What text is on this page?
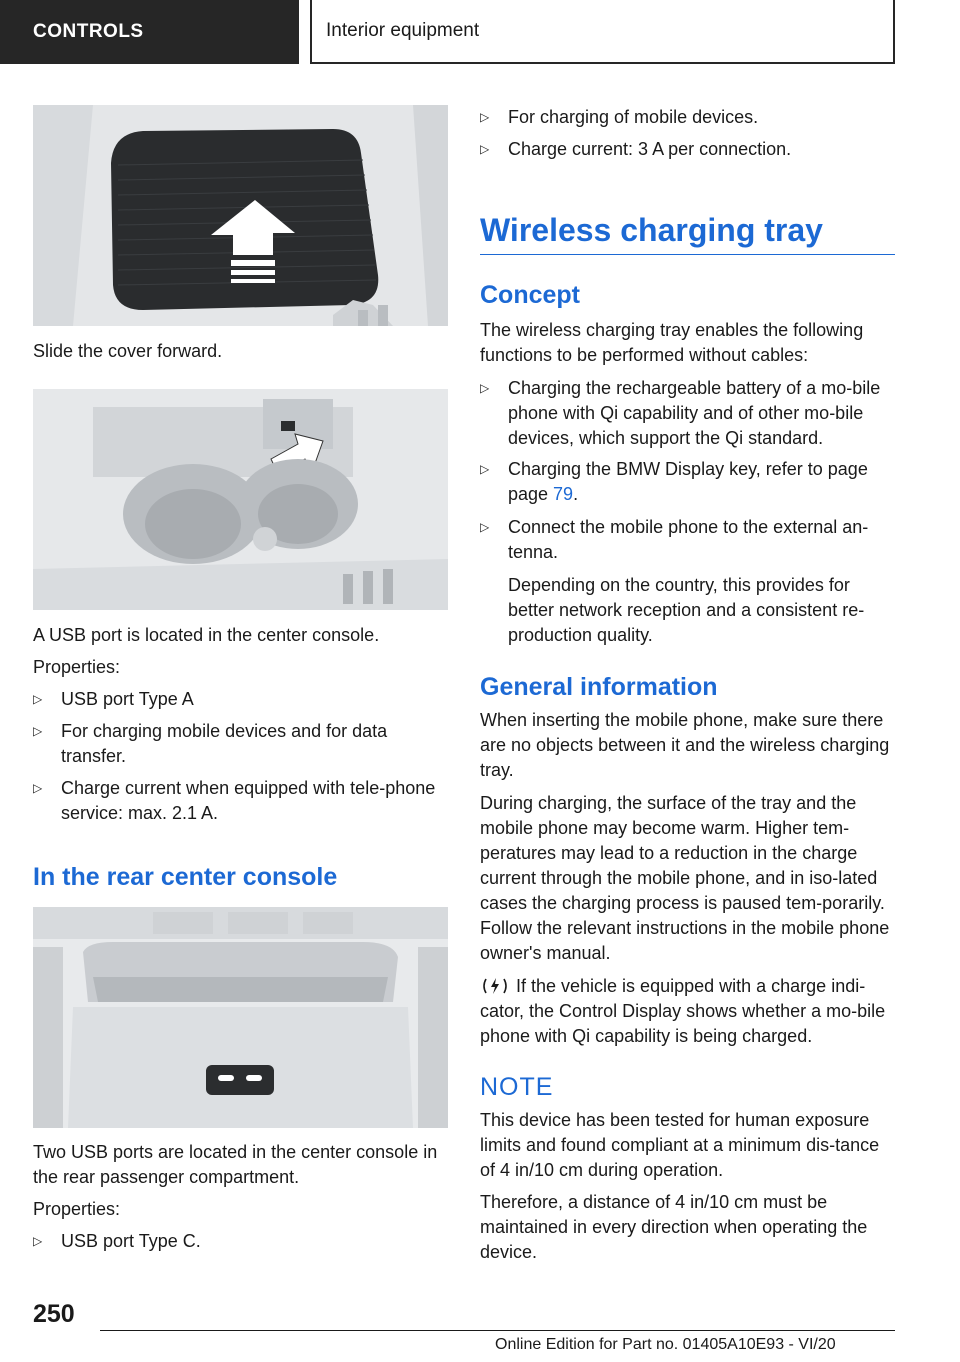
CONTROLS	Interior equipment
Slide the cover forward.
A USB port is located in the center console.
Properties:
▷	USB port Type A
▷	For charging mobile devices and for data transfer.
▷	Charge current when equipped with tele‐phone service: max. 2.1 A.
In the rear center console
Two USB ports are located in the center console in the rear passenger compartment.
Properties:
▷	USB port Type C.
▷	For charging of mobile devices.
▷	Charge current: 3 A per connection.
Wireless charging tray
Concept
The wireless charging tray enables the following functions to be performed without cables:
▷	Charging the rechargeable battery of a mo‐bile phone with Qi capability and of other mo‐bile devices, which support the Qi standard.
▷	Charging the BMW Display key, refer to page
page 79.
▷	Connect the mobile phone to the external an‐tenna.
Depending on the country, this provides for better network reception and a consistent re‐production quality.
General information
When inserting the mobile phone, make sure there are no objects between it and the wireless charging tray.
During charging, the surface of the tray and the mobile phone may become warm. Higher tem‐peratures may lead to a reduction in the charge current through the mobile phone, and in iso‐lated cases the charging process is paused tem‐porarily. Follow the relevant instructions in the mobile phone owner's manual.
If the vehicle is equipped with a charge indi‐cator, the Control Display shows whether a mo‐bile phone with Qi capability is being charged.
NOTE
This device has been tested for human exposure limits and found compliant at a minimum dis‐tance of 4 in/10 cm during operation.
Therefore, a distance of 4 in/10 cm must be maintained in every direction when operating the device.
250
Online Edition for Part no. 01405A10E93 - VI/20
